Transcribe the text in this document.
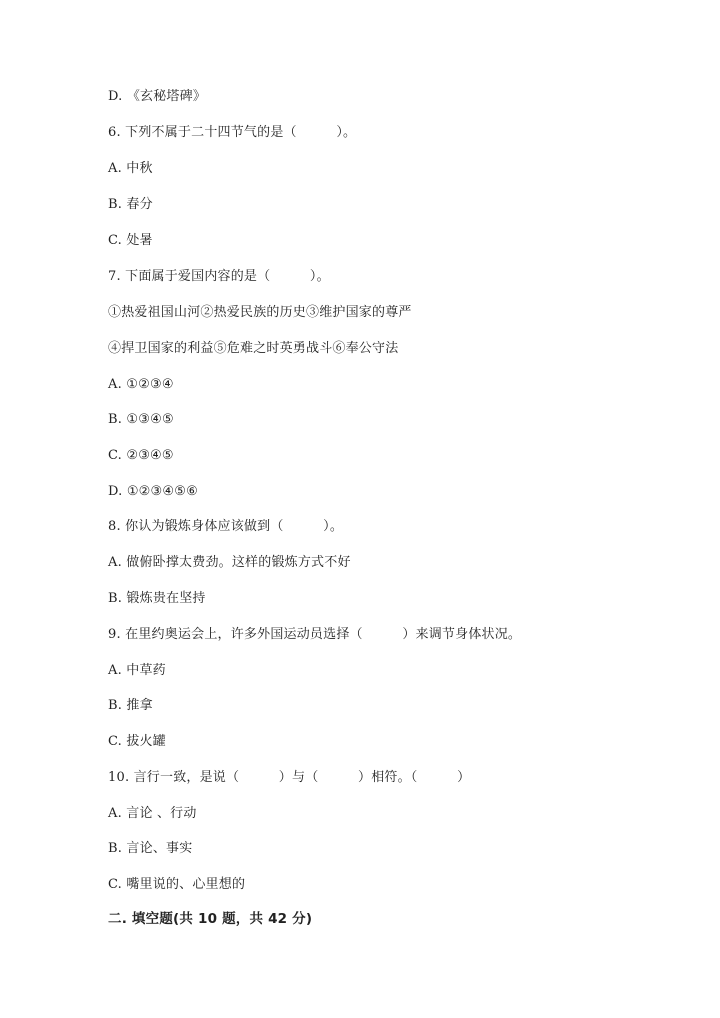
D. 《玄秘塔碑》
6. 下列不属于二十四节气的是（　　　）。
A. 中秋
B. 春分
C. 处暑
7. 下面属于爱国内容的是（　　　）。
①热爱祖国山河②热爱民族的历史③维护国家的尊严
④捍卫国家的利益⑤危难之时英勇战斗⑥奉公守法
A. ①②③④
B. ①③④⑤
C. ②③④⑤
D. ①②③④⑤⑥
8. 你认为锻炼身体应该做到（　　　）。
A. 做俯卧撑太费劲。这样的锻炼方式不好
B. 锻炼贵在坚持
9. 在里约奥运会上，许多外国运动员选择（　　　）来调节身体状况。
A. 中草药
B. 推拿
C. 拔火罐
10. 言行一致，是说（　　　）与（　　　）相符。（　　　）
A. 言论 、行动
B. 言论、事实
C. 嘴里说的、心里想的
二. 填空题(共 10 题，共 42 分)
